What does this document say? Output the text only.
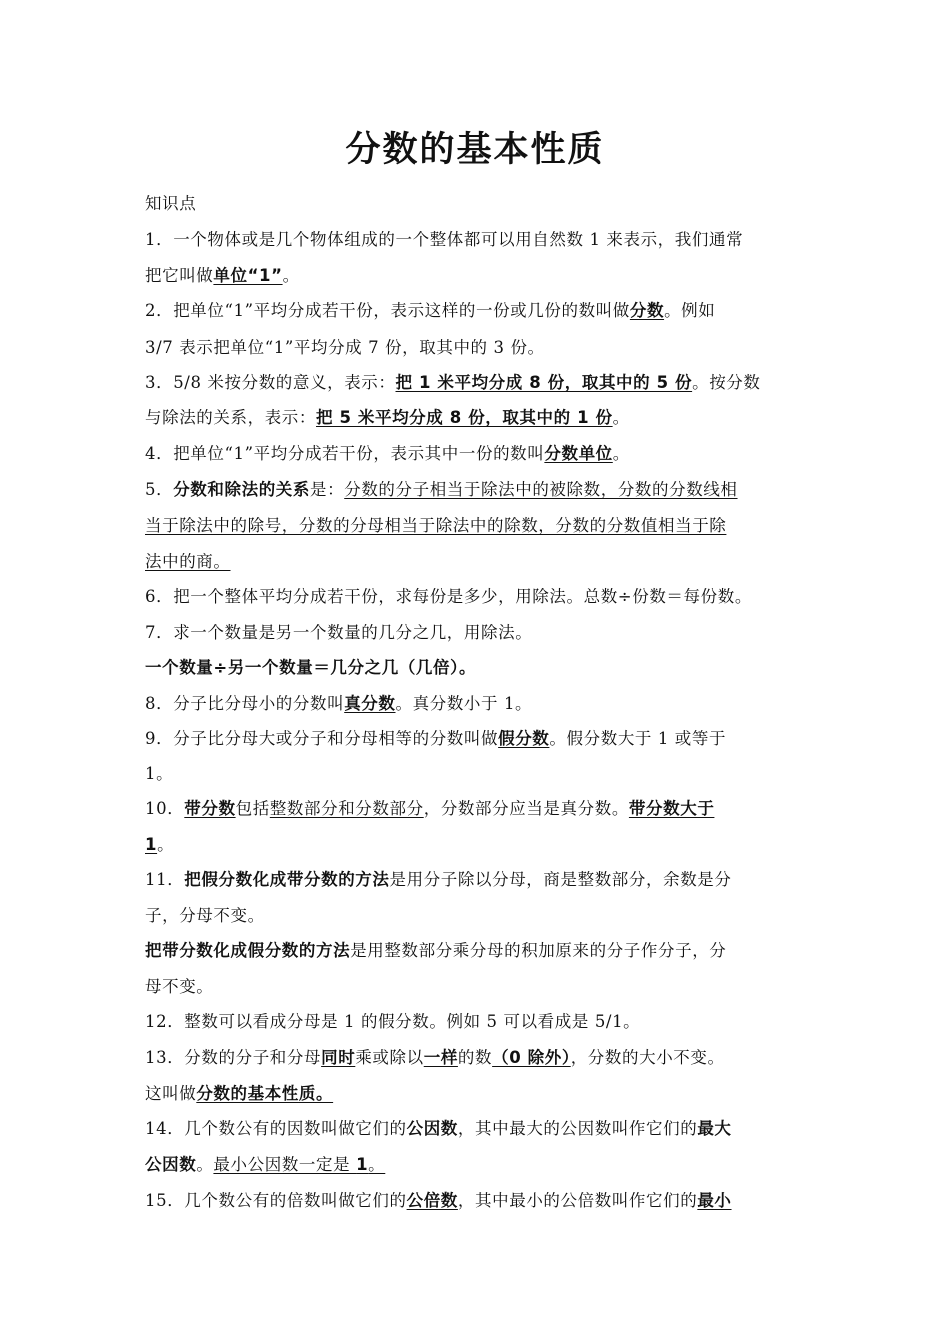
分数的基本性质

知识点

1．一个物体或是几个物体组成的一个整体都可以用自然数 1 来表示，我们通常

把它叫做单位“1”。

2．把单位“1”平均分成若干份，表示这样的一份或几份的数叫做分数。例如

3/7 表示把单位“1”平均分成 7 份，取其中的 3 份。

3．5/8 米按分数的意义，表示：把 1 米平均分成 8 份，取其中的 5 份。按分数

与除法的关系，表示：把 5 米平均分成 8 份，取其中的 1 份。

4．把单位“1”平均分成若干份，表示其中一份的数叫分数单位。

5．分数和除法的关系是：分数的分子相当于除法中的被除数，分数的分数线相

当于除法中的除号，分数的分母相当于除法中的除数，分数的分数值相当于除

法中的商。

6．把一个整体平均分成若干份，求每份是多少，用除法。总数÷份数＝每份数。

7．求一个数量是另一个数量的几分之几，用除法。

一个数量÷另一个数量＝几分之几（几倍）。

8．分子比分母小的分数叫真分数。真分数小于 1。

9．分子比分母大或分子和分母相等的分数叫做假分数。假分数大于 1 或等于

1。

10．带分数包括整数部分和分数部分，分数部分应当是真分数。带分数大于

1。

11．把假分数化成带分数的方法是用分子除以分母，商是整数部分，余数是分

子，分母不变。

把带分数化成假分数的方法是用整数部分乘分母的积加原来的分子作分子，分

母不变。

12．整数可以看成分母是 1 的假分数。例如 5 可以看成是 5/1。

13．分数的分子和分母同时乘或除以一样的数（0 除外），分数的大小不变。

这叫做分数的基本性质。

14．几个数公有的因数叫做它们的公因数，其中最大的公因数叫作它们的最大

公因数。最小公因数一定是 1。

15．几个数公有的倍数叫做它们的公倍数，其中最小的公倍数叫作它们的最小
